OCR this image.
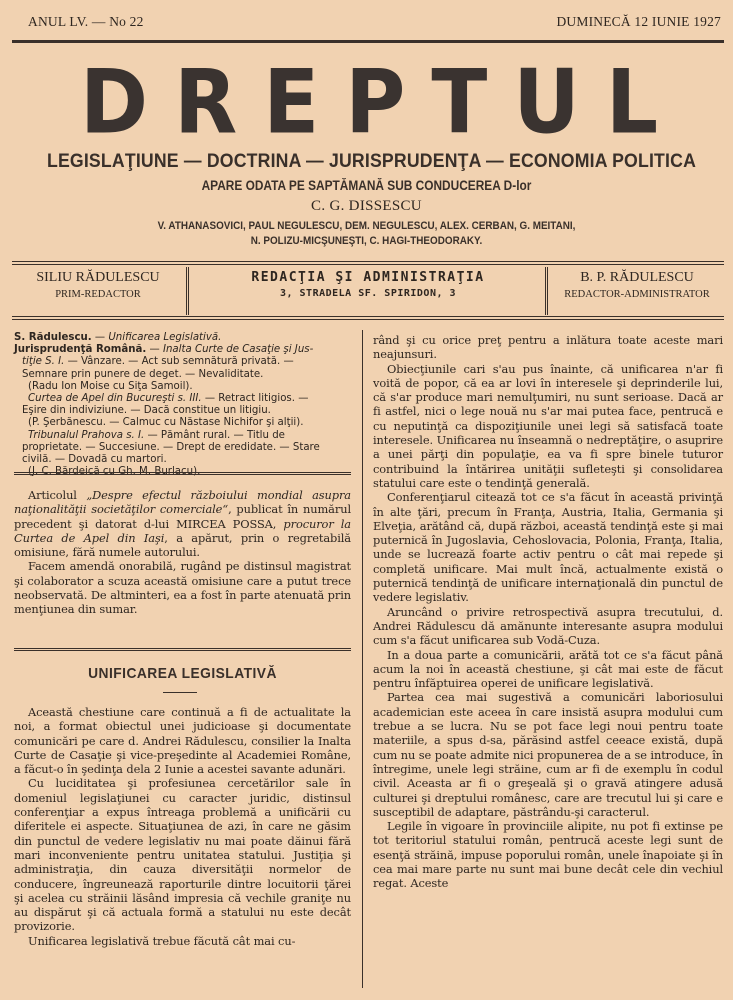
ANUL LV. — No 22	DUMINECĂ 12 IUNIE 1927
DREPTUL
LEGISLAŢIUNE — DOCTRINA — JURISPRUDENŢA — ECONOMIA POLITICA
APARE ODATA PE SAPTĂMANĂ SUB CONDUCEREA D-lor
C. G. DISSESCU
V. ATHANASOVICI, PAUL NEGULESCU, DEM. NEGULESCU, ALEX. CERBAN, G. MEITANI,
N. POLIZU-MICŞUNEŞTI, C. HAGI-THEODORAKY.
SILIU RĂDULESCU
PRIM-REDACTOR
REDACŢIA ŞI ADMINISTRAŢIA
3, STRADELA SF. SPIRIDON, 3
B. P. RĂDULESCU
REDACTOR-ADMINISTRATOR

S. Rădulescu. — Unificarea Legislativă.

Jurisprudenţă Română. — Inalta Curte de Casaţie şi Jus-

tiţie S. I. — Vânzare. — Act sub semnătură privată. —

Semnare prin punere de deget. — Nevaliditate.

(Radu Ion Moise cu Siţa Samoil).

Curtea de Apel din Bucureşti s. III. — Retract litigios. —

Eşire din indiviziune. — Dacă constitue un litigiu.

(P. Şerbănescu. — Calmuc cu Năstase Nichifor şi alţii).

Tribunalul Prahova s. I. — Pământ rural. — Titlu de

proprietate. — Succesiune. — Drept de eredidate. — Stare

civilă. — Dovadă cu martori.

(J. C. Bărdeică cu Gh. M. Burlacu).

Articolul „Despre efectul războiului mondial asupra naţionalităţii societăţilor comerciale“, publicat în numărul precedent şi datorat d-lui MIRCEA POSSA, procuror la Curtea de Apel din Iaşi, a apărut, prin o regretabilă omisiune, fără numele autorului.

Facem amendă onorabilă, rugând pe distinsul magistrat şi colaborator a scuza această omisiune care a putut trece neobservată. De altminteri, ea a fost în parte atenuată prin menţiunea din sumar.

UNIFICAREA LEGISLATIVĂ

Această chestiune care continuă a fi de actualitate la noi, a format obiectul unei judicioase şi documentate comunicări pe care d. Andrei Rădulescu, consilier la Inalta Curte de Casaţie şi vice-preşedinte al Academiei Române, a făcut-o în şedinţa dela 2 Iunie a acestei savante adunări.

Cu luciditatea şi profesiunea cercetărilor sale în domeniul legislaţiunei cu caracter juridic, distinsul conferenţiar a expus întreaga problemă a unificării cu diferitele ei aspecte. Situaţiunea de azi, în care ne găsim din punctul de vedere legislativ nu mai poate dăinui fără mari inconveniente pentru unitatea statului. Justiţia şi administraţia, din cauza diversităţii normelor de conducere, îngreunează raporturile dintre locuitorii ţărei şi acelea cu străinii lăsând impresia că vechile graniţe nu au dispărut şi că actuala formă a statului nu este decât provizorie.

Unificarea legislativă trebue făcută cât mai cu-

rând şi cu orice preţ pentru a inlătura toate aceste mari neajunsuri.

Obiecţiunile cari s'au pus înainte, că unificarea n'ar fi voită de popor, că ea ar lovi în interesele şi deprinderile lui, că s'ar produce mari nemulţumiri, nu sunt serioase. Dacă ar fi astfel, nici o lege nouă nu s'ar mai putea face, pentrucă e cu neputinţă ca dispoziţiunile unei legi să satisfacă toate interesele. Unificarea nu înseamnă o nedreptăţire, o asuprire a unei părţi din populaţie, ea va fi spre binele tuturor contribuind la întărirea unităţii sufleteşti şi consolidarea statului care este o tendinţă generală.

Conferenţiarul citează tot ce s'a făcut în această privinţă în alte ţări, precum în Franţa, Austria, Italia, Germania şi Elveţia, arătând că, după război, această tendinţă este şi mai puternică în Jugoslavia, Cehoslovacia, Polonia, Franţa, Italia, unde se lucrează foarte activ pentru o cât mai repede şi completă unificare. Mai mult încă, actualmente există o puternică tendinţă de unificare internaţională din punctul de vedere legislativ.

Aruncând o privire retrospectivă asupra trecutului, d. Andrei Rădulescu dă amănunte interesante asupra modului cum s'a făcut unificarea sub Vodă-Cuza.

In a doua parte a comunicării, arătă tot ce s'a făcut până acum la noi în această chestiune, şi cât mai este de făcut pentru înfăptuirea operei de unificare legislativă.

Partea cea mai sugestivă a comunicări laboriosului academician este aceea în care insistă asupra modului cum trebue a se lucra. Nu se pot face legi noui pentru toate materiile, a spus d-sa, părăsind astfel ceeace există, după cum nu se poate admite nici propunerea de a se introduce, în întregime, unele legi străine, cum ar fi de exemplu în codul civil. Aceasta ar fi o greşeală şi o gravă atingere adusă culturei şi dreptului românesc, care are trecutul lui şi care e susceptibil de adaptare, păstrându-şi caracterul.

Legile în vigoare în provinciile alipite, nu pot fi extinse pe tot teritoriul statului român, pentrucă aceste legi sunt de esenţă străină, impuse poporului român, unele înapoiate şi în cea mai mare parte nu sunt mai bune decât cele din vechiul regat. Aceste
